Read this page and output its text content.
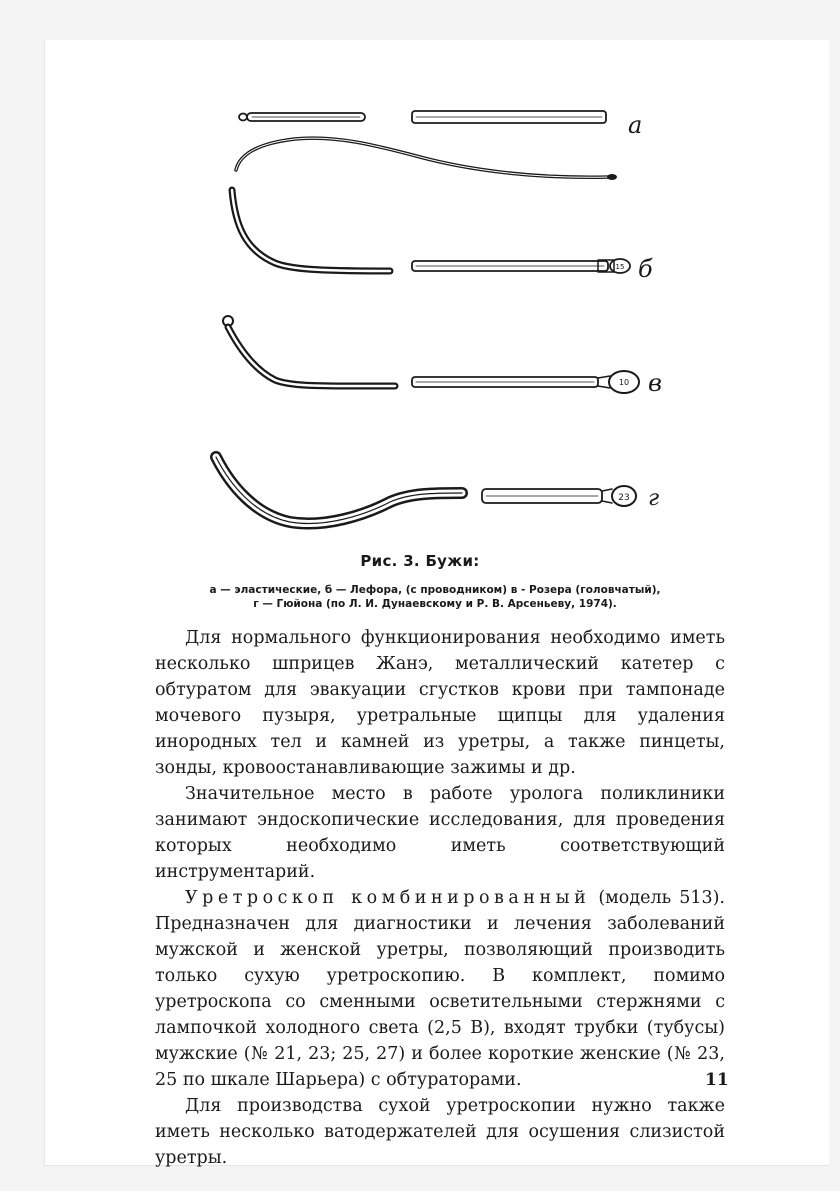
а
15 б
10 в
23 г
Рис. 3. Бужи:
а — эластические, б — Лефора, (с проводником) в - Розера (головчатый),
г — Гюйона (по Л. И. Дунаевскому и Р. В. Арсеньеву, 1974).

Для нормального функционирования необходимо иметь несколько шприцев Жанэ, металлический катетер с обтуратом для эвакуации сгустков крови при тампонаде мочевого пузыря, уретральные щипцы для удаления инородных тел и камней из уретры, а также пинцеты, зонды, кровоостанавливающие зажимы и др.

Значительное место в работе уролога поликлиники занимают эндоскопические исследования, для проведения которых необходимо иметь соответствующий инструментарий.

Уретроскоп комбинированный (модель 513). Предназначен для диагностики и лечения заболеваний мужской и женской уретры, позволяющий производить только сухую уретроскопию. В комплект, помимо уретроскопа со сменными осветительными стержнями с лампочкой холодного света (2,5 В), входят трубки (тубусы) мужские (№ 21, 23; 25, 27) и более короткие женские (№ 23, 25 по шкале Шарьера) с обтураторами.

Для производства сухой уретроскопии нужно также иметь несколько ватодержателей для осушения слизистой уретры.

11
